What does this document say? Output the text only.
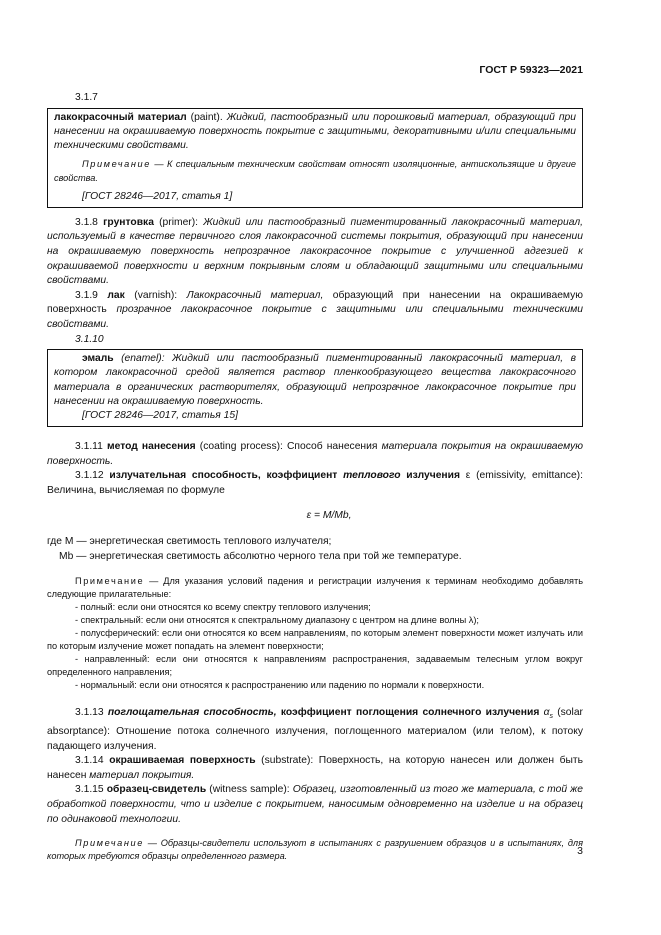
ГОСТ Р 59323—2021

3.1.7

лакокрасочный материал (paint). Жидкий, пастообразный или порошковый материал, образующий при нанесении на окрашиваемую поверхность покрытие с защитными, декоративными и/или специальными техническими свойствами.

Примечание — К специальным техническим свойствам относят изоляционные, антискользящие и другие свойства.

[ГОСТ 28246—2017, статья 1]

3.1.8 грунтовка (primer): Жидкий или пастообразный пигментированный лакокрасочный материал, используемый в качестве первичного слоя лакокрасочной системы покрытия, образующий при нанесении на окрашиваемую поверхность непрозрачное лакокрасочное покрытие с улучшенной адгезией к окрашиваемой поверхности и верхним покрывным слоям и обладающий защитными или специальными свойствами.

3.1.9 лак (varnish): Лакокрасочный материал, образующий при нанесении на окрашиваемую поверхность прозрачное лакокрасочное покрытие с защитными или специальными техническими свойствами.

3.1.10

эмаль (enamel): Жидкий или пастообразный пигментированный лакокрасочный материал, в котором лакокрасочной средой является раствор пленкообразующего вещества лакокрасочного материала в органических растворителях, образующий непрозрачное лакокрасочное покрытие при нанесении на окрашиваемую поверхность.

[ГОСТ 28246—2017, статья 15]

3.1.11 метод нанесения (coating process): Способ нанесения материала покрытия на окрашиваемую поверхность.

3.1.12 излучательная способность, коэффициент теплового излучения ε (emissivity, emittance): Величина, вычисляемая по формуле

ε = M/Mb,

где M — энергетическая светимость теплового излучателя;

Mb — энергетическая светимость абсолютно черного тела при той же температуре.

Примечание — Для указания условий падения и регистрации излучения к терминам необходимо добавлять следующие прилагательные:

- полный: если они относятся ко всему спектру теплового излучения;

- спектральный: если они относятся к спектральному диапазону с центром на длине волны λ);

- полусферический: если они относятся ко всем направлениям, по которым элемент поверхности может излучать или по которым излучение может попадать на элемент поверхности;

- направленный: если они относятся к направлениям распространения, задаваемым телесным углом вокруг определенного направления;

- нормальный: если они относятся к распространению или падению по нормали к поверхности.

3.1.13 поглощательная способность, коэффициент поглощения солнечного излучения $\alpha_s$ (solar absorptance): Отношение потока солнечного излучения, поглощенного материалом (или телом), к потоку падающего излучения.

3.1.14 окрашиваемая поверхность (substrate): Поверхность, на которую нанесен или должен быть нанесен материал покрытия.

3.1.15 образец-свидетель (witness sample): Образец, изготовленный из того же материала, с той же обработкой поверхности, что и изделие с покрытием, наносимым одновременно на изделие и на образец по одинаковой технологии.

Примечание — Образцы-свидетели используют в испытаниях с разрушением образцов и в испытаниях, для которых требуются образцы определенного размера.	3
